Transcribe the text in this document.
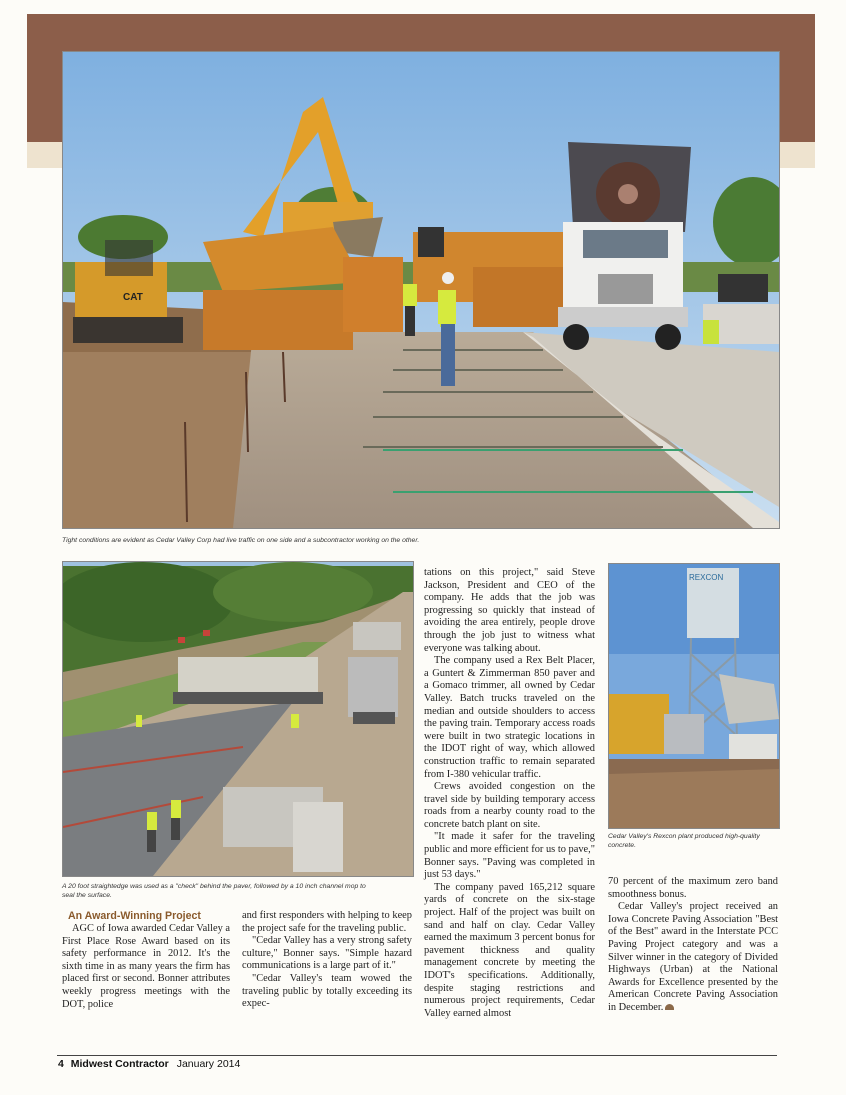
CAT
Tight conditions are evident as Cedar Valley Corp had live traffic on one side and a subcontractor working on the other.
A 20 foot straightedge was used as a "check" behind the paver, followed by a 10 inch channel mop to seal the surface.
REXCON
Cedar Valley's Rexcon plant produced high-quality concrete.
An Award-Winning Project

AGC of Iowa awarded Cedar Valley a First Place Rose Award based on its safety performance in 2012. It's the sixth time in as many years the firm has placed first or second. Bonner attributes weekly progress meetings with the DOT, police

and first responders with helping to keep the project safe for the traveling public.

"Cedar Valley has a very strong safety culture," Bonner says. "Simple hazard communications is a large part of it."

"Cedar Valley's team wowed the traveling public by totally exceeding its expec-

tations on this project," said Steve Jackson, President and CEO of the company. He adds that the job was progressing so quickly that instead of avoiding the area entirely, people drove through the job just to witness what everyone was talking about.

The company used a Rex Belt Placer, a Guntert & Zimmerman 850 paver and a Gomaco trimmer, all owned by Cedar Valley. Batch trucks traveled on the median and outside shoulders to access the paving train. Temporary access roads were built in two strategic locations in the IDOT right of way, which allowed construction traffic to remain separated from I-380 vehicular traffic.

Crews avoided congestion on the travel side by building temporary access roads from a nearby county road to the concrete batch plant on site.

"It made it safer for the traveling public and more efficient for us to pave," Bonner says. "Paving was completed in just 53 days."

The company paved 165,212 square yards of concrete on the six-stage project. Half of the project was built on sand and half on clay. Cedar Valley earned the maximum 3 percent bonus for pavement thickness and quality management concrete by meeting the IDOT's specifications. Additionally, despite staging restrictions and numerous project requirements, Cedar Valley earned almost

70 percent of the maximum zero band smoothness bonus.

Cedar Valley's project received an Iowa Concrete Paving Association "Best of the Best" award in the Interstate PCC Paving Project category and was a Silver winner in the category of Divided Highways (Urban) at the National Awards for Excellence presented by the American Concrete Paving Association in December.

4 Midwest Contractor January 2014
